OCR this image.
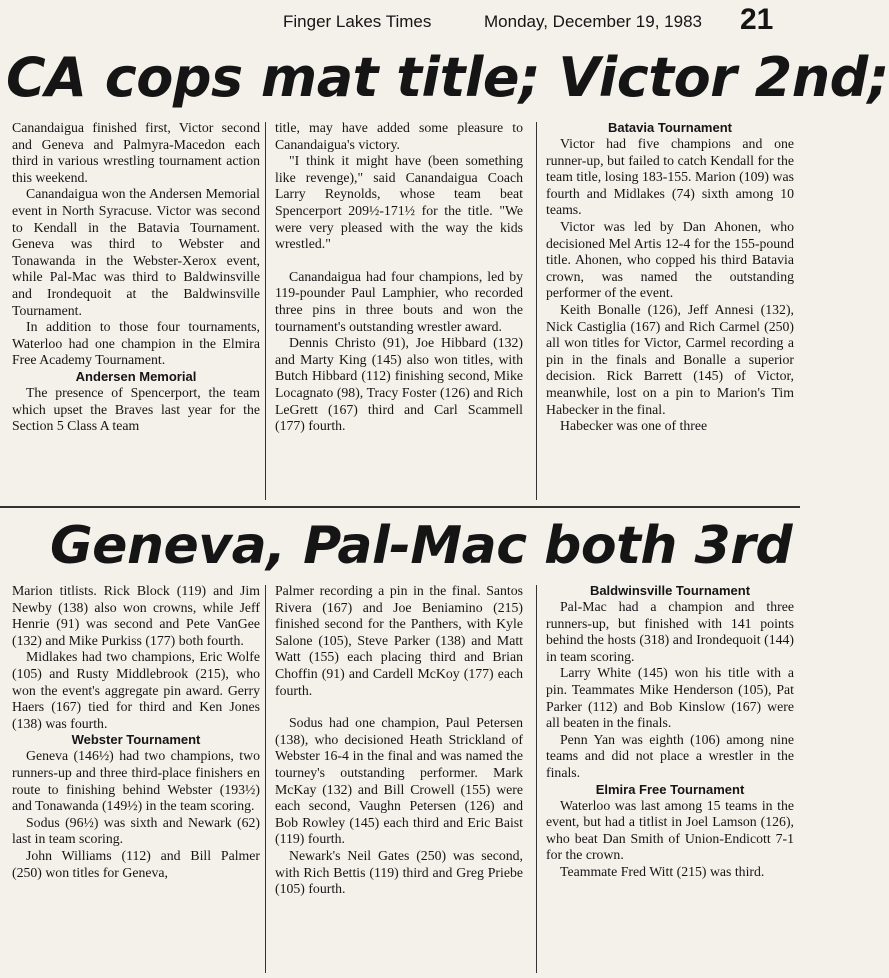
Finger Lakes Times	Monday, December 19, 1983 21
CA cops mat title; Victor 2nd;

Canandaigua finished first, Victor second and Geneva and Palmyra-Macedon each third in various wrestling tournament action this weekend.

Canandaigua won the Andersen Memorial event in North Syracuse. Victor was second to Kendall in the Batavia Tournament. Geneva was third to Webster and Tonawanda in the Webster-Xerox event, while Pal-Mac was third to Baldwinsville and Irondequoit at the Baldwinsville Tournament.

In addition to those four tournaments, Waterloo had one champion in the Elmira Free Academy Tournament.

Andersen Memorial

The presence of Spencerport, the team which upset the Braves last year for the Section 5 Class A team

title, may have added some pleasure to Canandaigua's victory.

"I think it might have (been something like revenge)," said Canandaigua Coach Larry Reynolds, whose team beat Spencerport 209½-171½ for the title. "We were very pleased with the way the kids wrestled."

Canandaigua had four champions, led by 119-pounder Paul Lamphier, who recorded three pins in three bouts and won the tournament's outstanding wrestler award.

Dennis Christo (91), Joe Hibbard (132) and Marty King (145) also won titles, with Butch Hibbard (112) finishing second, Mike Locagnato (98), Tracy Foster (126) and Rich LeGrett (167) third and Carl Scammell (177) fourth.

Batavia Tournament

Victor had five champions and one runner-up, but failed to catch Kendall for the team title, losing 183-155. Marion (109) was fourth and Midlakes (74) sixth among 10 teams.

Victor was led by Dan Ahonen, who decisioned Mel Artis 12-4 for the 155-pound title. Ahonen, who copped his third Batavia crown, was named the outstanding performer of the event.

Keith Bonalle (126), Jeff Annesi (132), Nick Castiglia (167) and Rich Carmel (250) all won titles for Victor, Carmel recording a pin in the finals and Bonalle a superior decision. Rick Barrett (145) of Victor, meanwhile, lost on a pin to Marion's Tim Habecker in the final.

Habecker was one of three

Geneva, Pal-Mac both 3rd

Marion titlists. Rick Block (119) and Jim Newby (138) also won crowns, while Jeff Henrie (91) was second and Pete VanGee (132) and Mike Purkiss (177) both fourth.

Midlakes had two champions, Eric Wolfe (105) and Rusty Middlebrook (215), who won the event's aggregate pin award. Gerry Haers (167) tied for third and Ken Jones (138) was fourth.

Webster Tournament

Geneva (146½) had two champions, two runners-up and three third-place finishers en route to finishing behind Webster (193½) and Tonawanda (149½) in the team scoring.

Sodus (96½) was sixth and Newark (62) last in team scoring.

John Williams (112) and Bill Palmer (250) won titles for Geneva,

Palmer recording a pin in the final. Santos Rivera (167) and Joe Beniamino (215) finished second for the Panthers, with Kyle Salone (105), Steve Parker (138) and Matt Watt (155) each placing third and Brian Choffin (91) and Cardell McKoy (177) each fourth.

Sodus had one champion, Paul Petersen (138), who decisioned Heath Strickland of Webster 16-4 in the final and was named the tourney's outstanding performer. Mark McKay (132) and Bill Crowell (155) were each second, Vaughn Petersen (126) and Bob Rowley (145) each third and Eric Baist (119) fourth.

Newark's Neil Gates (250) was second, with Rich Bettis (119) third and Greg Priebe (105) fourth.

Baldwinsville Tournament

Pal-Mac had a champion and three runners-up, but finished with 141 points behind the hosts (318) and Irondequoit (144) in team scoring.

Larry White (145) won his title with a pin. Teammates Mike Henderson (105), Pat Parker (112) and Bob Kinslow (167) were all beaten in the finals.

Penn Yan was eighth (106) among nine teams and did not place a wrestler in the finals.

Elmira Free Tournament

Waterloo was last among 15 teams in the event, but had a titlist in Joel Lamson (126), who beat Dan Smith of Union-Endicott 7-1 for the crown.

Teammate Fred Witt (215) was third.
